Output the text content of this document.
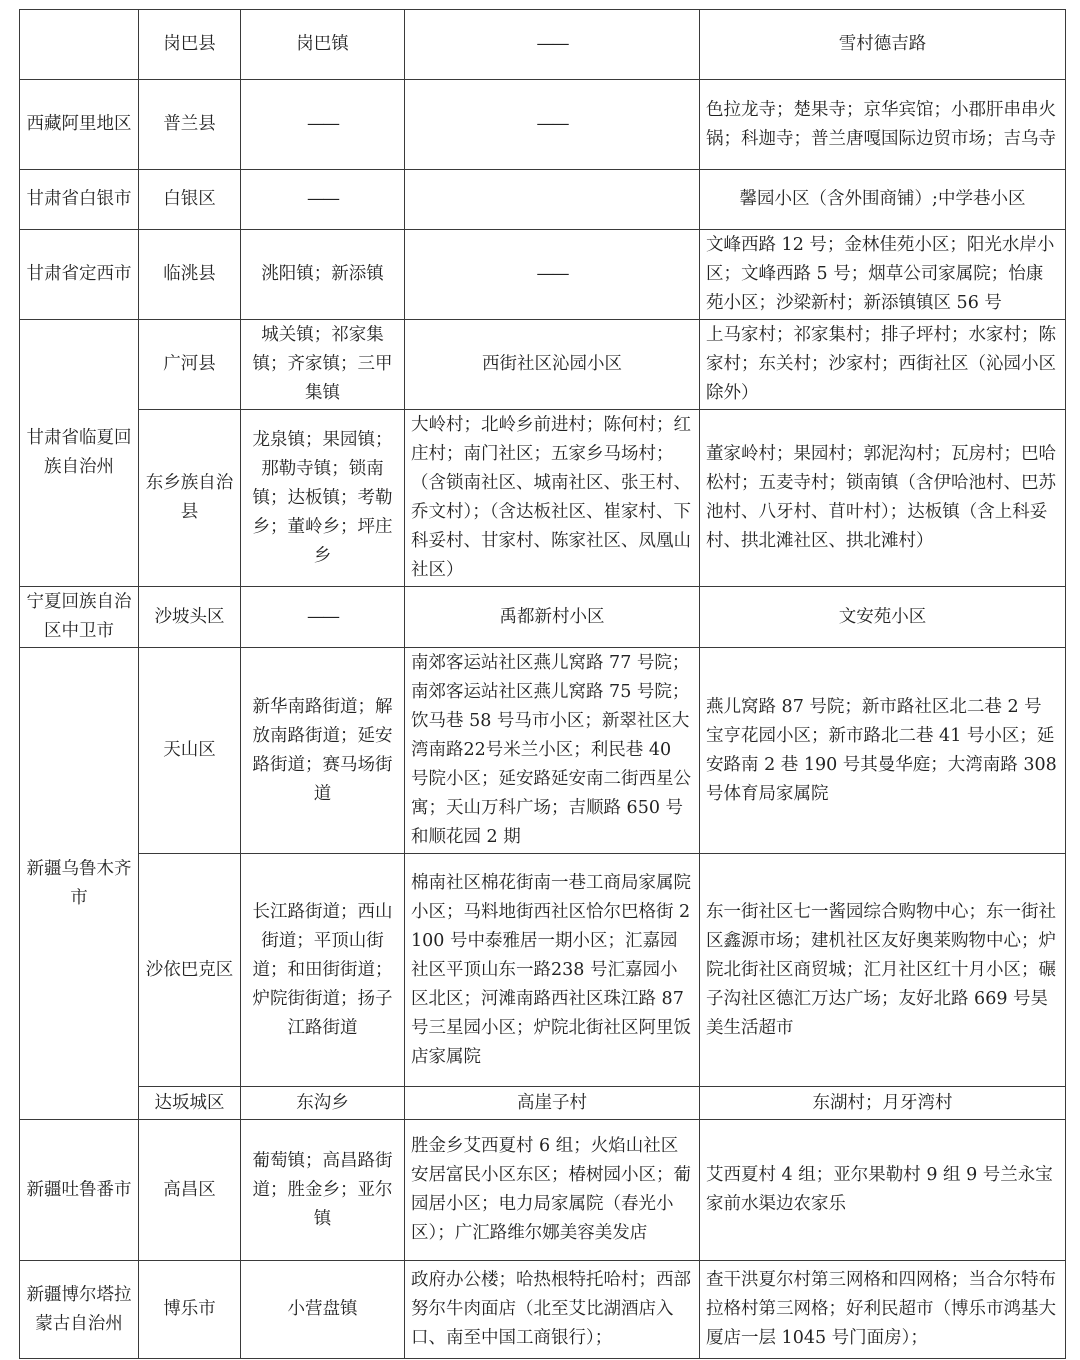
	岗巴县	岗巴镇	——	雪村德吉路
西藏阿里地区	普兰县	——	——	色拉龙寺；楚果寺；京华宾馆；小郡肝串串火锅；科迦寺；普兰唐嘎国际边贸市场；吉乌寺
甘肃省白银市	白银区	——		馨园小区（含外围商铺）;中学巷小区
甘肃省定西市	临洮县	洮阳镇；新添镇	——	文峰西路 12 号；金林佳苑小区；阳光水岸小区；文峰西路 5 号；烟草公司家属院；怡康苑小区；沙梁新村；新添镇镇区 56 号
甘肃省临夏回族自治州	广河县	城关镇；祁家集镇；齐家镇；三甲集镇	西街社区沁园小区	上马家村；祁家集村；排子坪村；水家村；陈家村；东关村；沙家村；西街社区（沁园小区除外）
	东乡族自治县	龙泉镇；果园镇；那勒寺镇；锁南镇；达板镇；考勒乡；董岭乡；坪庄乡	大岭村；北岭乡前进村；陈何村；红庄村；南门社区；五家乡马场村；（含锁南社区、城南社区、张王村、乔文村）；（含达板社区、崔家村、下科妥村、甘家村、陈家社区、凤凰山社区）	董家岭村；果园村；郭泥沟村；瓦房村；巴哈松村；五麦寺村；锁南镇（含伊哈池村、巴苏池村、八牙村、苜叶村）；达板镇（含上科妥村、拱北滩社区、拱北滩村）
宁夏回族自治区中卫市	沙坡头区	——	禹都新村小区	文安苑小区
新疆乌鲁木齐市	天山区	新华南路街道；解放南路街道；延安路街道；赛马场街道	南郊客运站社区燕儿窝路 77 号院；南郊客运站社区燕儿窝路 75 号院；饮马巷 58 号马市小区；新翠社区大湾南路22号米兰小区；利民巷 40 号院小区；延安路延安南二街西星公寓；天山万科广场；吉顺路 650 号和顺花园 2 期	燕儿窝路 87 号院；新市路社区北二巷 2 号宝亨花园小区；新市路北二巷 41 号小区；延安路南 2 巷 190 号其曼华庭；大湾南路 308 号体育局家属院
	沙依巴克区	长江路街道；西山街道；平顶山街道；和田街街道；炉院街街道；扬子江路街道	棉南社区棉花街南一巷工商局家属院小区；马料地街西社区恰尔巴格街 2100 号中泰雅居一期小区；汇嘉园社区平顶山东一路238 号汇嘉园小区北区；河滩南路西社区珠江路 87 号三星园小区；炉院北街社区阿里饭店家属院	东一街社区七一酱园综合购物中心；东一街社区鑫源市场；建机社区友好奥莱购物中心；炉院北街社区商贸城；汇月社区红十月小区；碾子沟社区德汇万达广场；友好北路 669 号昊美生活超市
	达坂城区	东沟乡	高崖子村	东湖村；月牙湾村
新疆吐鲁番市	高昌区	葡萄镇；高昌路街道；胜金乡；亚尔镇	胜金乡艾西夏村 6 组；火焰山社区安居富民小区东区；椿树园小区；葡园居小区；电力局家属院（春光小区）；广汇路维尔娜美容美发店	艾西夏村 4 组；亚尔果勒村 9 组 9 号兰永宝家前水渠边农家乐
新疆博尔塔拉蒙古自治州	博乐市	小营盘镇	政府办公楼；哈热根特托哈村；西部努尔牛肉面店（北至艾比湖酒店入口、南至中国工商银行）；	查干洪夏尔村第三网格和四网格；当合尔特布拉格村第三网格；好利民超市（博乐市鸿基大厦店一层 1045 号门面房）；
